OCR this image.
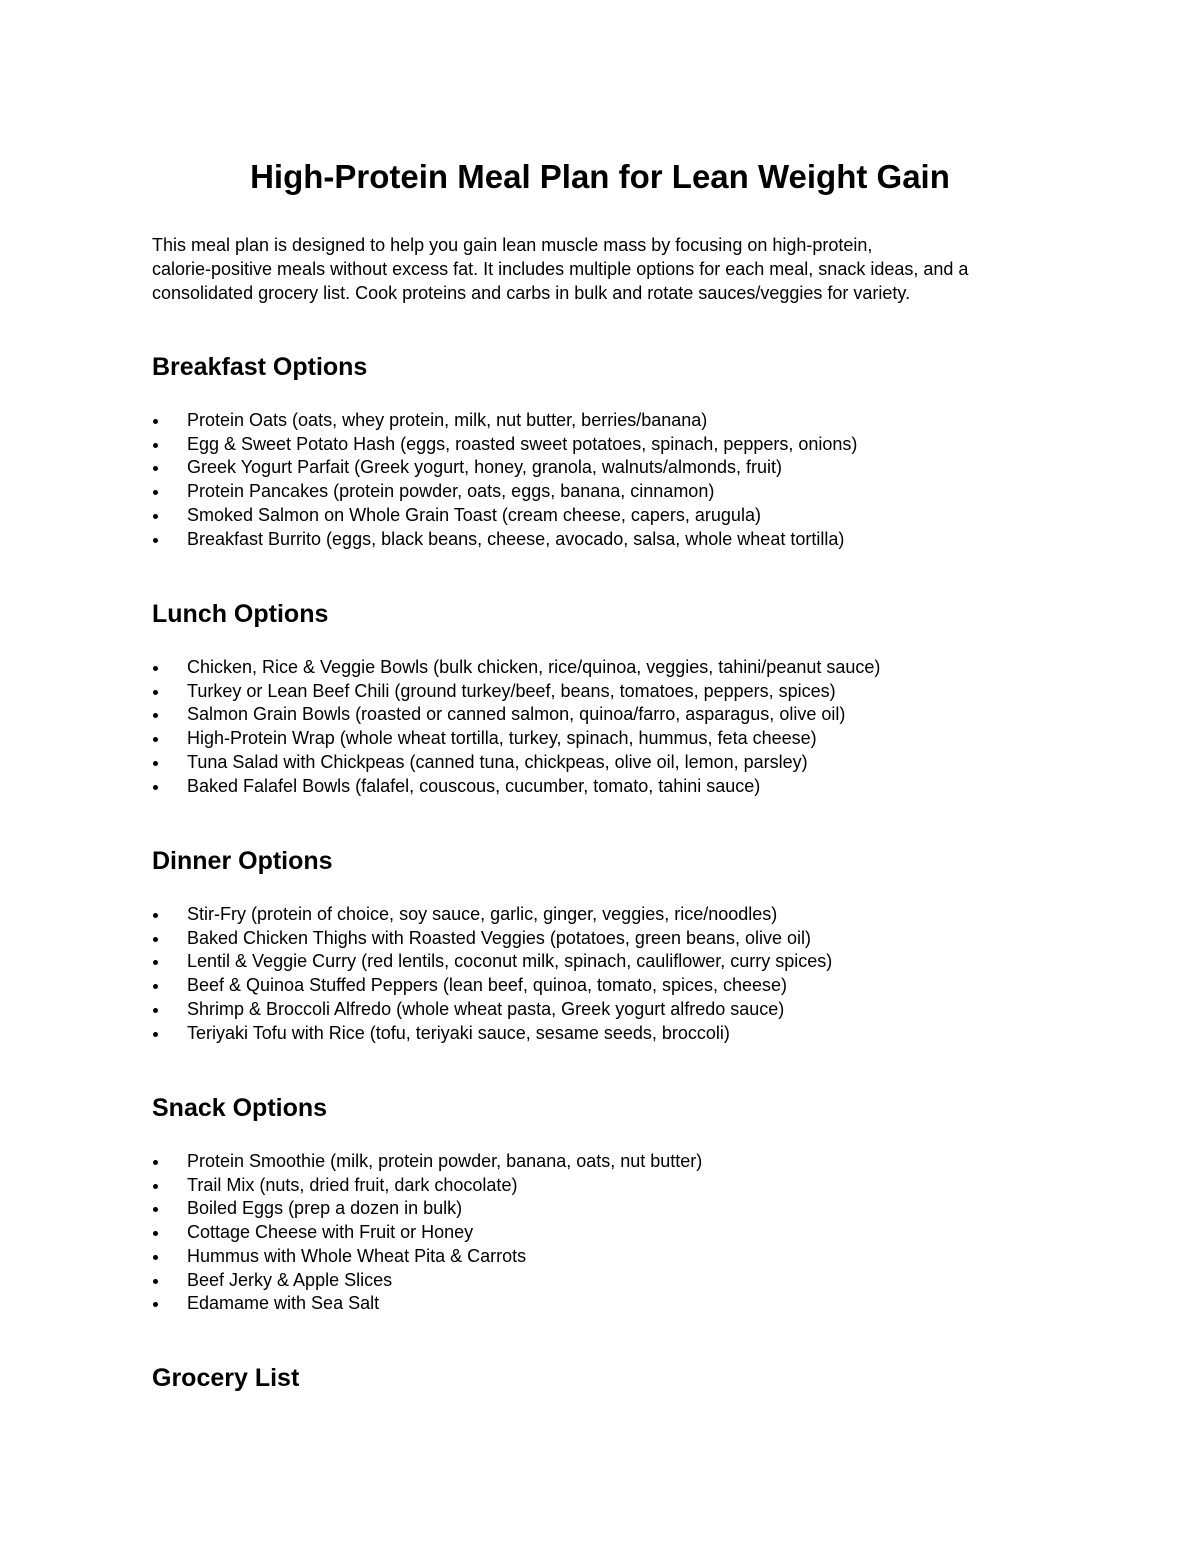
High-Protein Meal Plan for Lean Weight Gain

This meal plan is designed to help you gain lean muscle mass by focusing on high-protein,
calorie-positive meals without excess fat. It includes multiple options for each meal, snack ideas, and a
consolidated grocery list. Cook proteins and carbs in bulk and rotate sauces/veggies for variety.

Breakfast Options
Protein Oats (oats, whey protein, milk, nut butter, berries/banana)
Egg & Sweet Potato Hash (eggs, roasted sweet potatoes, spinach, peppers, onions)
Greek Yogurt Parfait (Greek yogurt, honey, granola, walnuts/almonds, fruit)
Protein Pancakes (protein powder, oats, eggs, banana, cinnamon)
Smoked Salmon on Whole Grain Toast (cream cheese, capers, arugula)
Breakfast Burrito (eggs, black beans, cheese, avocado, salsa, whole wheat tortilla)
Lunch Options
Chicken, Rice & Veggie Bowls (bulk chicken, rice/quinoa, veggies, tahini/peanut sauce)
Turkey or Lean Beef Chili (ground turkey/beef, beans, tomatoes, peppers, spices)
Salmon Grain Bowls (roasted or canned salmon, quinoa/farro, asparagus, olive oil)
High-Protein Wrap (whole wheat tortilla, turkey, spinach, hummus, feta cheese)
Tuna Salad with Chickpeas (canned tuna, chickpeas, olive oil, lemon, parsley)
Baked Falafel Bowls (falafel, couscous, cucumber, tomato, tahini sauce)
Dinner Options
Stir-Fry (protein of choice, soy sauce, garlic, ginger, veggies, rice/noodles)
Baked Chicken Thighs with Roasted Veggies (potatoes, green beans, olive oil)
Lentil & Veggie Curry (red lentils, coconut milk, spinach, cauliflower, curry spices)
Beef & Quinoa Stuffed Peppers (lean beef, quinoa, tomato, spices, cheese)
Shrimp & Broccoli Alfredo (whole wheat pasta, Greek yogurt alfredo sauce)
Teriyaki Tofu with Rice (tofu, teriyaki sauce, sesame seeds, broccoli)
Snack Options
Protein Smoothie (milk, protein powder, banana, oats, nut butter)
Trail Mix (nuts, dried fruit, dark chocolate)
Boiled Eggs (prep a dozen in bulk)
Cottage Cheese with Fruit or Honey
Hummus with Whole Wheat Pita & Carrots
Beef Jerky & Apple Slices
Edamame with Sea Salt
Grocery List
